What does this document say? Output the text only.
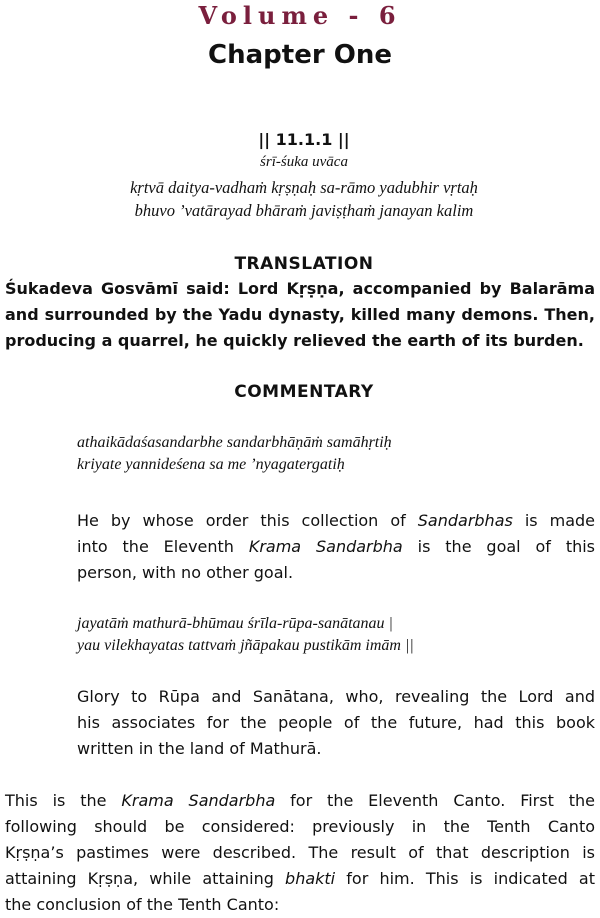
Volume - 6
Chapter One
|| 11.1.1 ||
śrī-śuka uvāca
kṛtvā daitya-vadhaṁ kṛṣṇaḥ sa-rāmo yadubhir vṛtaḥ
bhuvo ’vatārayad bhāraṁ javiṣṭhaṁ janayan kalim
TRANSLATION
Śukadeva Gosvāmī said: Lord Kṛṣṇa, accompanied by Balarāma
and surrounded by the Yadu dynasty, killed many demons. Then,
producing a quarrel, he quickly relieved the earth of its burden.
COMMENTARY
athaikādaśasandarbhe sandarbhāṇāṁ samāhṛtiḥ
kriyate yannideśena sa me ’nyagatergatiḥ
He by whose order this collection of Sandarbhas is made
into the Eleventh Krama Sandarbha is the goal of this
person, with no other goal.
jayatāṁ mathurā-bhūmau śrīla-rūpa-sanātanau |
yau vilekhayatas tattvaṁ jñāpakau pustikām imām ||
Glory to Rūpa and Sanātana, who, revealing the Lord and
his associates for the people of the future, had this book
written in the land of Mathurā.
This is the Krama Sandarbha for the Eleventh Canto. First the
following should be considered: previously in the Tenth Canto
Kṛṣṇa’s pastimes were described. The result of that description is
attaining Kṛṣṇa, while attaining bhakti for him. This is indicated at
the conclusion of the Tenth Canto:
